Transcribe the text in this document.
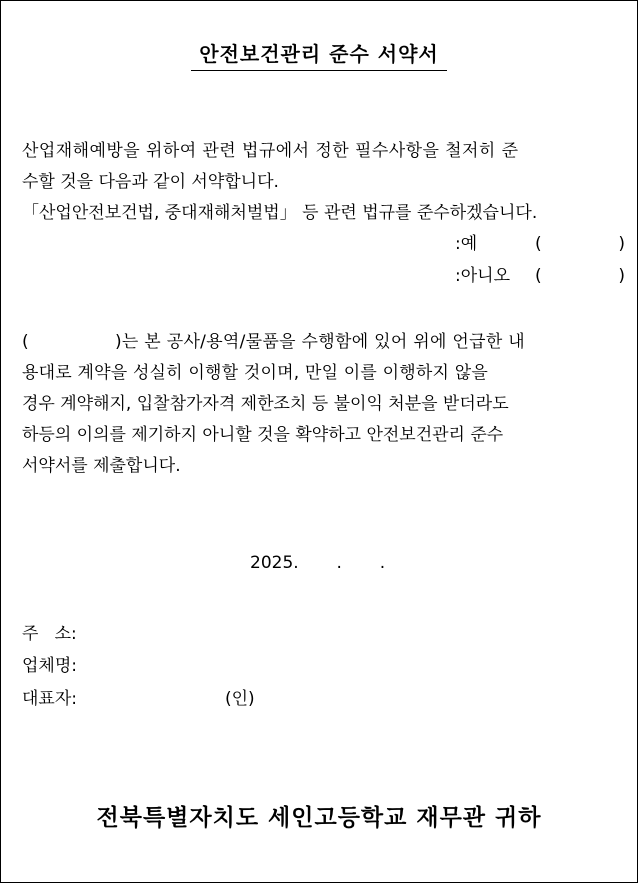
안전보건관리 준수 서약서
산업재해예방을 위하여 관련 법규에서 정한 필수사항을 철저히 준
수할 것을 다음과 같이 서약합니다.
「산업안전보건법, 중대재해처벌법」 등 관련 법규를 준수하겠습니다.
:예	(	)
:아니오 (	)
(	)는 본 공사/용역/물품을 수행함에 있어 위에 언급한 내
용대로 계약을 성실히 이행할 것이며, 만일 이를 이행하지 않을
경우 계약해지, 입찰참가자격 제한조치 등 불이익 처분을 받더라도
하등의 이의를 제기하지 아니할 것을 확약하고 안전보건관리 준수
서약서를 제출합니다.
2025.       .       .
주   소:
업체명:
대표자:	(인)
전북특별자치도 세인고등학교 재무관 귀하
